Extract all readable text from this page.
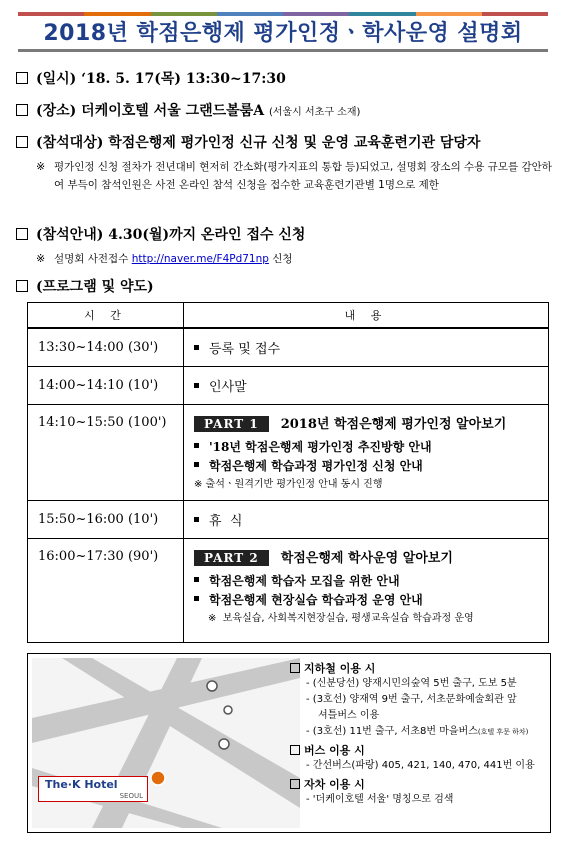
2018년 학점은행제 평가인정ㆍ학사운영 설명회
(일시) ‘18. 5. 17(목) 13:30~17:30
(장소) 더케이호텔 서울 그랜드볼룸A (서울시 서초구 소재)
(참석대상) 학점은행제 평가인정 신규 신청 및 운영 교육훈련기관 담당자
※ 평가인정 신청 절차가 전년대비 현저히 간소화(평가지표의 통합 등)되었고, 설명회 장소의 수용 규모를 감안하여 부득이 참석인원은 사전 온라인 참석 신청을 접수한 교육훈련기관별 1명으로 제한
(참석안내) 4.30(월)까지 온라인 접수 신청
※ 설명회 사전접수 http://naver.me/F4Pd71np 신청
(프로그램 및 약도)
시 간	내 용
13:30~14:00 (30')	등록 및 접수
14:00~14:10 (10')	인사말
14:10~15:50 (100')	PART 1 2018년 학점은행제 평가인정 알아보기
'18년 학점은행제 평가인정 추진방향 안내
학점은행제 학습과정 평가인정 신청 안내
※ 출석ㆍ원격기반 평가인정 안내 동시 진행

15:50~16:00 (10')	휴  식
16:00~17:30 (90')	PART 2 학점은행제 학사운영 알아보기
학점은행제 학습자 모집을 위한 안내
학점은행제 현장실습 학습과정 운영 안내
※ 보육실습, 사회복지현장실습, 평생교육실습 학습과정 운영
The·K Hotel
SEOUL
지하철 이용 시
- (신분당선) 양재시민의숲역 5번 출구, 도보 5분
- (3호선) 양재역 9번 출구, 서초문화예술회관 앞
셔틀버스 이용
- (3호선) 11번 출구, 서초8번 마을버스(호텔 후문 하차)
버스 이용 시
- 간선버스(파랑) 405, 421, 140, 470, 441번 이용
자차 이용 시
- '더케이호텔 서울' 명칭으로 검색
